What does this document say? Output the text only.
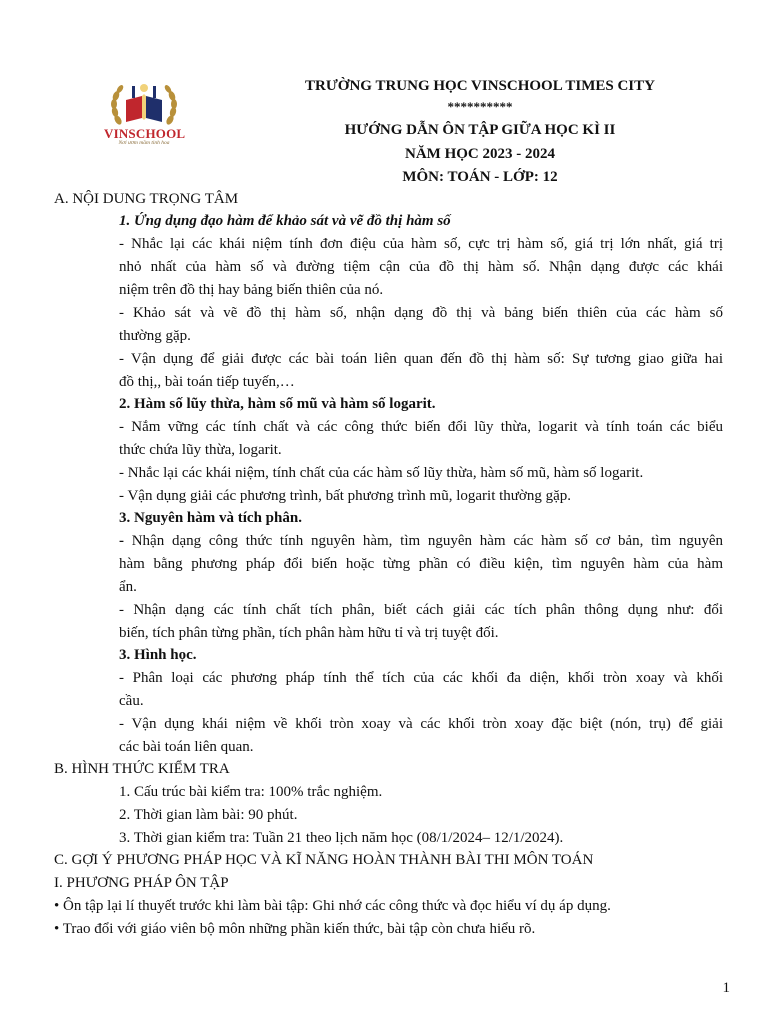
VINSCHOOL
Nơi ươm mầm tinh hoa
TRƯỜNG TRUNG HỌC VINSCHOOL TIMES CITY
**********
HƯỚNG DẪN ÔN TẬP GIỮA HỌC KÌ II
NĂM HỌC 2023 - 2024
MÔN: TOÁN - LỚP: 12
A. NỘI DUNG TRỌNG TÂM
1. Ứng dụng đạo hàm để khảo sát và vẽ đồ thị hàm số
- Nhắc lại các khái niệm tính đơn điệu của hàm số, cực trị hàm số, giá trị lớn nhất, giá trị
nhỏ nhất của hàm số và đường tiệm cận của đồ thị hàm số. Nhận dạng được các khái
niệm trên đồ thị hay bảng biến thiên của nó.
- Khảo sát và vẽ đồ thị hàm số, nhận dạng đồ thị và bảng biến thiên của các hàm số
thường gặp.
- Vận dụng để giải được các bài toán liên quan đến đồ thị hàm số: Sự tương giao giữa hai
đồ thị,, bài toán tiếp tuyến,…
2. Hàm số lũy thừa, hàm số mũ và hàm số logarit.
- Nắm vững các tính chất và các công thức biến đổi lũy thừa, logarit và tính toán các biểu
thức chứa lũy thừa, logarit.
- Nhắc lại các khái niệm, tính chất của các hàm số lũy thừa, hàm số mũ, hàm số logarit.
- Vận dụng giải các phương trình, bất phương trình mũ, logarit thường gặp.
3. Nguyên hàm và tích phân.
- Nhận dạng công thức tính nguyên hàm, tìm nguyên hàm các hàm số cơ bản, tìm nguyên
hàm bằng phương pháp đổi biến hoặc từng phần có điều kiện, tìm nguyên hàm của hàm
ẩn.
- Nhận dạng các tính chất tích phân, biết cách giải các tích phân thông dụng như: đổi
biến, tích phân từng phần, tích phân hàm hữu tỉ và trị tuyệt đối.
3. Hình học.
- Phân loại các phương pháp tính thể tích của các khối đa diện, khối tròn xoay và khối
cầu.
- Vận dụng khái niệm về khối tròn xoay và các khối tròn xoay đặc biệt (nón, trụ) để giải
các bài toán liên quan.
B. HÌNH THỨC KIỂM TRA
1. Cấu trúc bài kiểm tra: 100% trắc nghiệm.
2. Thời gian làm bài: 90 phút.
3. Thời gian kiểm tra: Tuần 21 theo lịch năm học (08/1/2024– 12/1/2024).
C. GỢI Ý PHƯƠNG PHÁP HỌC VÀ KĨ NĂNG HOÀN THÀNH BÀI THI MÔN TOÁN
I. PHƯƠNG PHÁP ÔN TẬP
• Ôn tập lại lí thuyết trước khi làm bài tập: Ghi nhớ các công thức và đọc hiểu ví dụ áp dụng.
• Trao đổi với giáo viên bộ môn những phần kiến thức, bài tập còn chưa hiểu rõ.
1
